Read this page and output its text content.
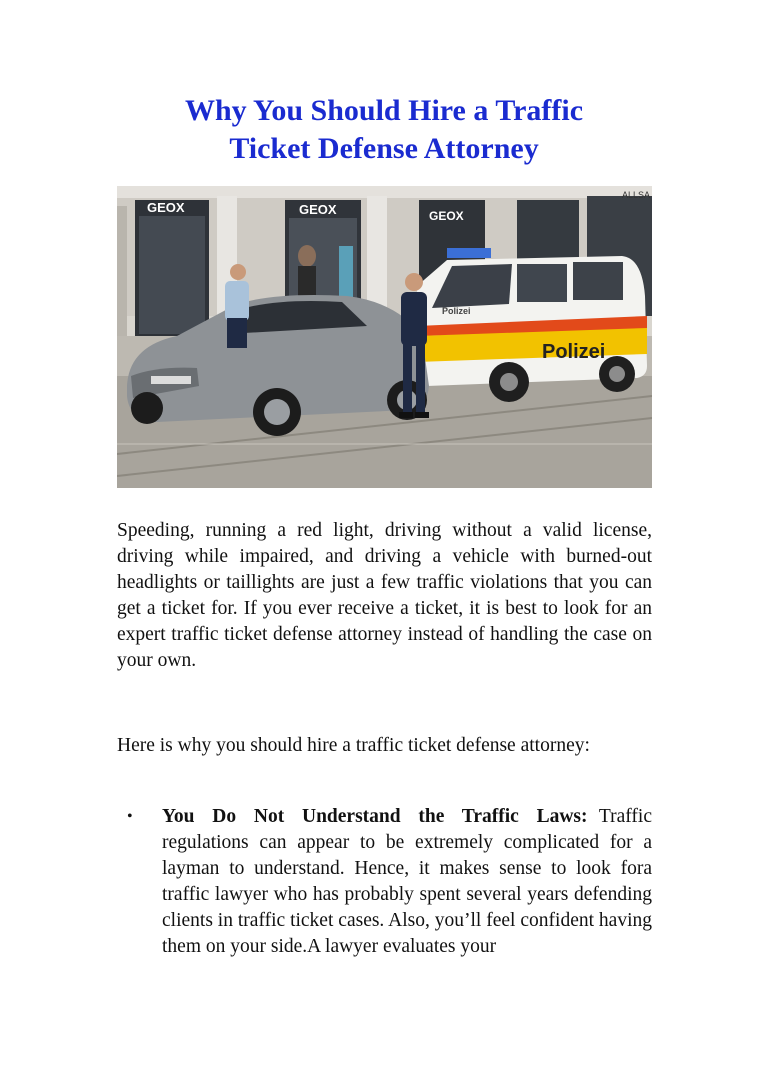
Why You Should Hire a Traffic
Ticket Defense Attorney
GEOX	GEOX	GEOX
ALLSA
Polizei
Polizei

Speeding, running a red light, driving without a valid license, driving while impaired, and driving a vehicle with burned-out headlights or taillights are just a few traffic violations that you can get a ticket for. If you ever receive a ticket, it is best to look for an expert traffic ticket defense attorney instead of handling the case on your own.

Here is why you should hire a traffic ticket defense attorney:

• You Do Not Understand the Traffic Laws: Traffic regulations can appear to be extremely complicated for a layman to understand. Hence, it makes sense to look fora traffic lawyer who has probably spent several years defending clients in traffic ticket cases. Also, you’ll feel confident having them on your side.A lawyer evaluates your
